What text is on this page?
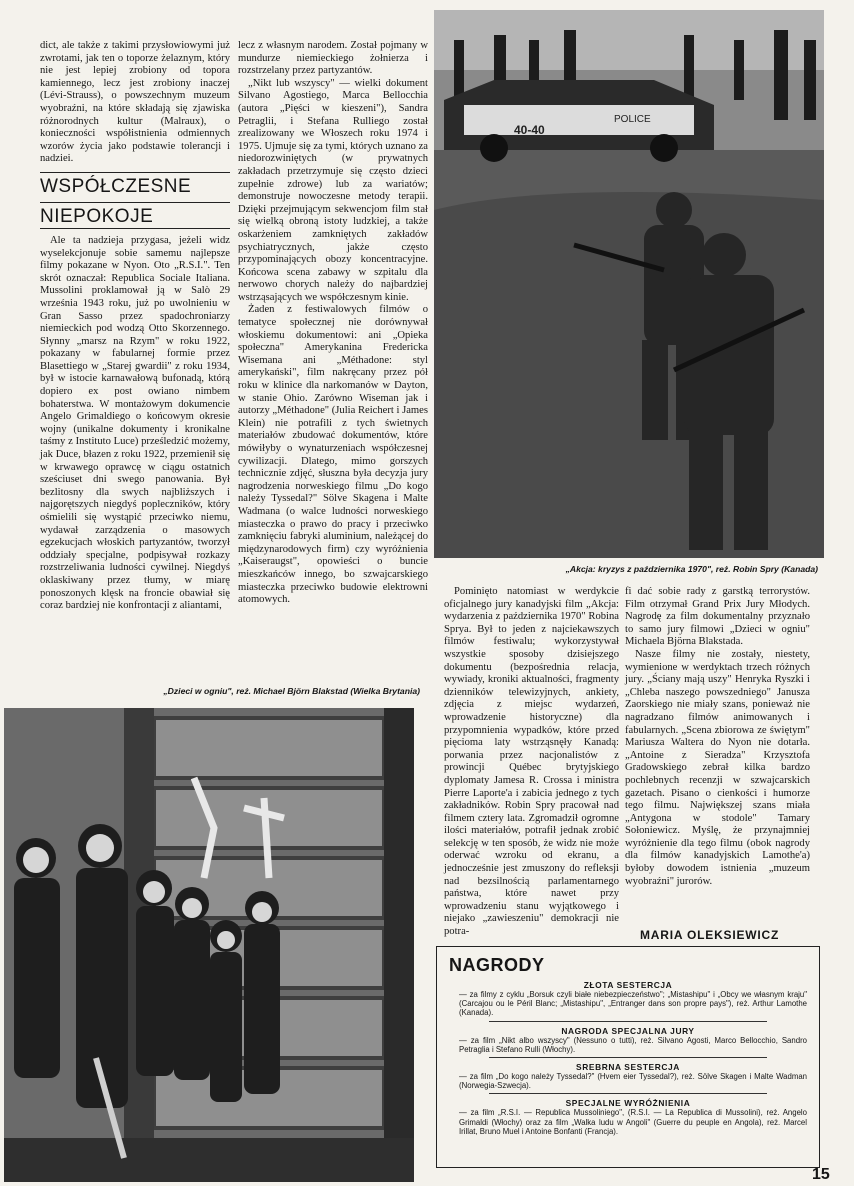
dict, ale także z takimi przysłowiowymi już zwrotami, jak ten o toporze żelaznym, który nie jest lepiej zrobiony od topora kamiennego, lecz jest zrobiony inaczej (Lévi-Strauss), o powszechnym muzeum wyobraźni, na które składają się zjawiska różnorodnych kultur (Malraux), o konieczności współistnienia odmiennych wzorów życia jako podstawie tolerancji i nadziei.

WSPÓŁCZESNE
NIEPOKOJE

Ale ta nadzieja przygasa, jeżeli widz wyselekcjonuje sobie samemu najlepsze filmy pokazane w Nyon. Oto „R.S.I.". Ten skrót oznaczał: Republica Sociale Italiana. Mussolini proklamował ją w Salò 29 września 1943 roku, już po uwolnieniu w Gran Sasso przez spadochroniarzy niemieckich pod wodzą Otto Skorzennego. Słynny „marsz na Rzym" w roku 1922, pokazany w fabularnej formie przez Blasettiego w „Starej gwardii" z roku 1934, był w istocie karnawałową bufonadą, którą dopiero ex post owiano nimbem bohaterstwa. W montażowym dokumencie Angelo Grimaldiego o końcowym okresie wojny (unikalne dokumenty i kronikalne taśmy z Instituto Luce) prześledzić możemy, jak Duce, błazen z roku 1922, przemienił się w krwawego oprawcę w ciągu ostatnich sześciuset dni swego panowania. Był bezlitosny dla swych najbliższych i najgorętszych niegdyś popleczników, który ośmielili się wystąpić przeciwko niemu, wydawał zarządzenia o masowych egzekucjach włoskich partyzantów, tworzył oddziały specjalne, podpisywał rozkazy rozstrzeliwania ludności cywilnej. Niegdyś oklaskiwany przez tłumy, w miarę ponoszonych klęsk na froncie obawiał się coraz bardziej nie konfrontacji z aliantami,

lecz z własnym narodem. Został pojmany w mundurze niemieckiego żołnierza i rozstrzelany przez partyzantów.

„Nikt lub wszyscy" — wielki dokument Silvano Agostiego, Marca Bellocchia (autora „Pięści w kieszeni"), Sandra Petraglii, i Stefana Rulliego został zrealizowany we Włoszech roku 1974 i 1975. Ujmuje się za tymi, których uznano za niedorozwiniętych (w prywatnych zakładach przetrzymuje się często dzieci zupełnie zdrowe) lub za wariatów; demonstruje nowoczesne metody terapii. Dzięki przejmującym sekwencjom film stał się wielką obroną istoty ludzkiej, a także oskarżeniem zamkniętych zakładów psychiatrycznych, jakże często przypominających obozy koncentracyjne. Końcowa scena zabawy w szpitalu dla nerwowo chorych należy do najbardziej wstrząsających we współczesnym kinie.

Żaden z festiwalowych filmów o tematyce społecznej nie dorównywał włoskiemu dokumentowi: ani „Opieka społeczna" Amerykanina Fredericka Wisemana ani „Méthadone: styl amerykański", film nakręcany przez pół roku w klinice dla narkomanów w Dayton, w stanie Ohio. Zarówno Wiseman jak i autorzy „Méthadone" (Julia Reichert i James Klein) nie potrafili z tych świetnych materiałów zbudować dokumentów, które mówiłyby o wynaturzeniach współczesnej cywilizacji. Dlatego, mimo gorszych technicznie zdjęć, słuszna była decyzja jury nagrodzenia norweskiego filmu „Do kogo należy Tyssedal?" Sölve Skagena i Malte Wadmana (o walce ludności norweskiego miasteczka o prawo do pracy i przeciwko zamknięciu fabryki aluminium, należącej do międzynarodowych firm) czy wyróżnienia „Kaiseraugst", opowieści o buncie mieszkańców innego, bo szwajcarskiego miasteczka przeciwko budowie elektrowni atomowych.

POLICE
40-40
„Akcja: kryzys z października 1970", reż. Robin Spry (Kanada)

Pominięto natomiast w werdykcie oficjalnego jury kanadyjski film „Akcja: wydarzenia z października 1970" Robina Sprya. Był to jeden z najciekawszych filmów festiwalu; wykorzystywał wszystkie sposoby dzisiejszego dokumentu (bezpośrednia relacja, wywiady, kroniki aktualności, fragmenty dzienników telewizyjnych, ankiety, zdjęcia z miejsc wydarzeń, wprowadzenie historyczne) dla przypomnienia wypadków, które przed pięcioma laty wstrząsnęły Kanadą: porwania przez nacjonalistów z prowincji Québec brytyjskiego dyplomaty Jamesa R. Crossa i ministra Pierre Laporte'a i zabicia jednego z tych zakładników. Robin Spry pracował nad filmem cztery lata. Zgromadził ogromne ilości materiałów, potrafił jednak zrobić selekcję w ten sposób, że widz nie może oderwać wzroku od ekranu, a jednocześnie jest zmuszony do refleksji nad bezsilnością parlamentarnego państwa, które nawet przy wprowadzeniu stanu wyjątkowego i niejako „zawieszeniu" demokracji nie potra-

fi dać sobie rady z garstką terrorystów. Film otrzymał Grand Prix Jury Młodych. Nagrodę za film dokumentalny przyznało to samo jury filmowi „Dzieci w ogniu" Michaela Björna Blakstada.

Nasze filmy nie zostały, niestety, wymienione w werdyktach trzech różnych jury. „Ściany mają uszy" Henryka Ryszki i „Chleba naszego powszedniego" Janusza Zaorskiego nie miały szans, ponieważ nie nagradzano filmów animowanych i fabularnych. „Scena zbiorowa ze świętym" Mariusza Waltera do Nyon nie dotarła. „Antoine z Sieradza" Krzysztofa Gradowskiego zebrał kilka bardzo pochlebnych recenzji w szwajcarskich gazetach. Pisano o cienkości i humorze tego filmu. Największej szans miała „Antygona w stodole" Tamary Sołoniewicz. Myślę, że przynajmniej wyróżnienie dla tego filmu (obok nagrody dla filmów kanadyjskich Lamothe'a) byłoby dowodem istnienia „muzeum wyobraźni" jurorów.

MARIA OLEKSIEWICZ
„Dzieci w ogniu", reż. Michael Björn Blakstad (Wielka Brytania)
NAGRODY
ZŁOTA SESTERCJA
— za filmy z cyklu „Borsuk czyli białe niebezpieczeństwo"; „Mistashipu" i „Obcy we własnym kraju" (Carcajou ou le Péril Blanc; „Mistashipu", „Entranger dans son propre pays"), reż. Arthur Lamothe (Kanada).
NAGRODA SPECJALNA JURY
— za film „Nikt albo wszyscy" (Nessuno o tutti), reż. Silvano Agosti, Marco Bellocchio, Sandro Petraglia i Stefano Rulli (Włochy).
SREBRNA SESTERCJA
— za film „Do kogo należy Tyssedal?" (Hvem eier Tyssedal?), reż. Sölve Skagen i Malte Wadman (Norwegia-Szwecja).
SPECJALNE WYRÓŻNIENIA
— za film „R.S.I. — Republica Mussoliniego", (R.S.I. — La Republica di Mussolini), reż. Angelo Grimaldi (Włochy) oraz za film „Walka ludu w Angoli" (Guerre du peuple en Angola), reż. Marcel Irillat, Bruno Muel i Antoine Bonfanti (Francja).
15
